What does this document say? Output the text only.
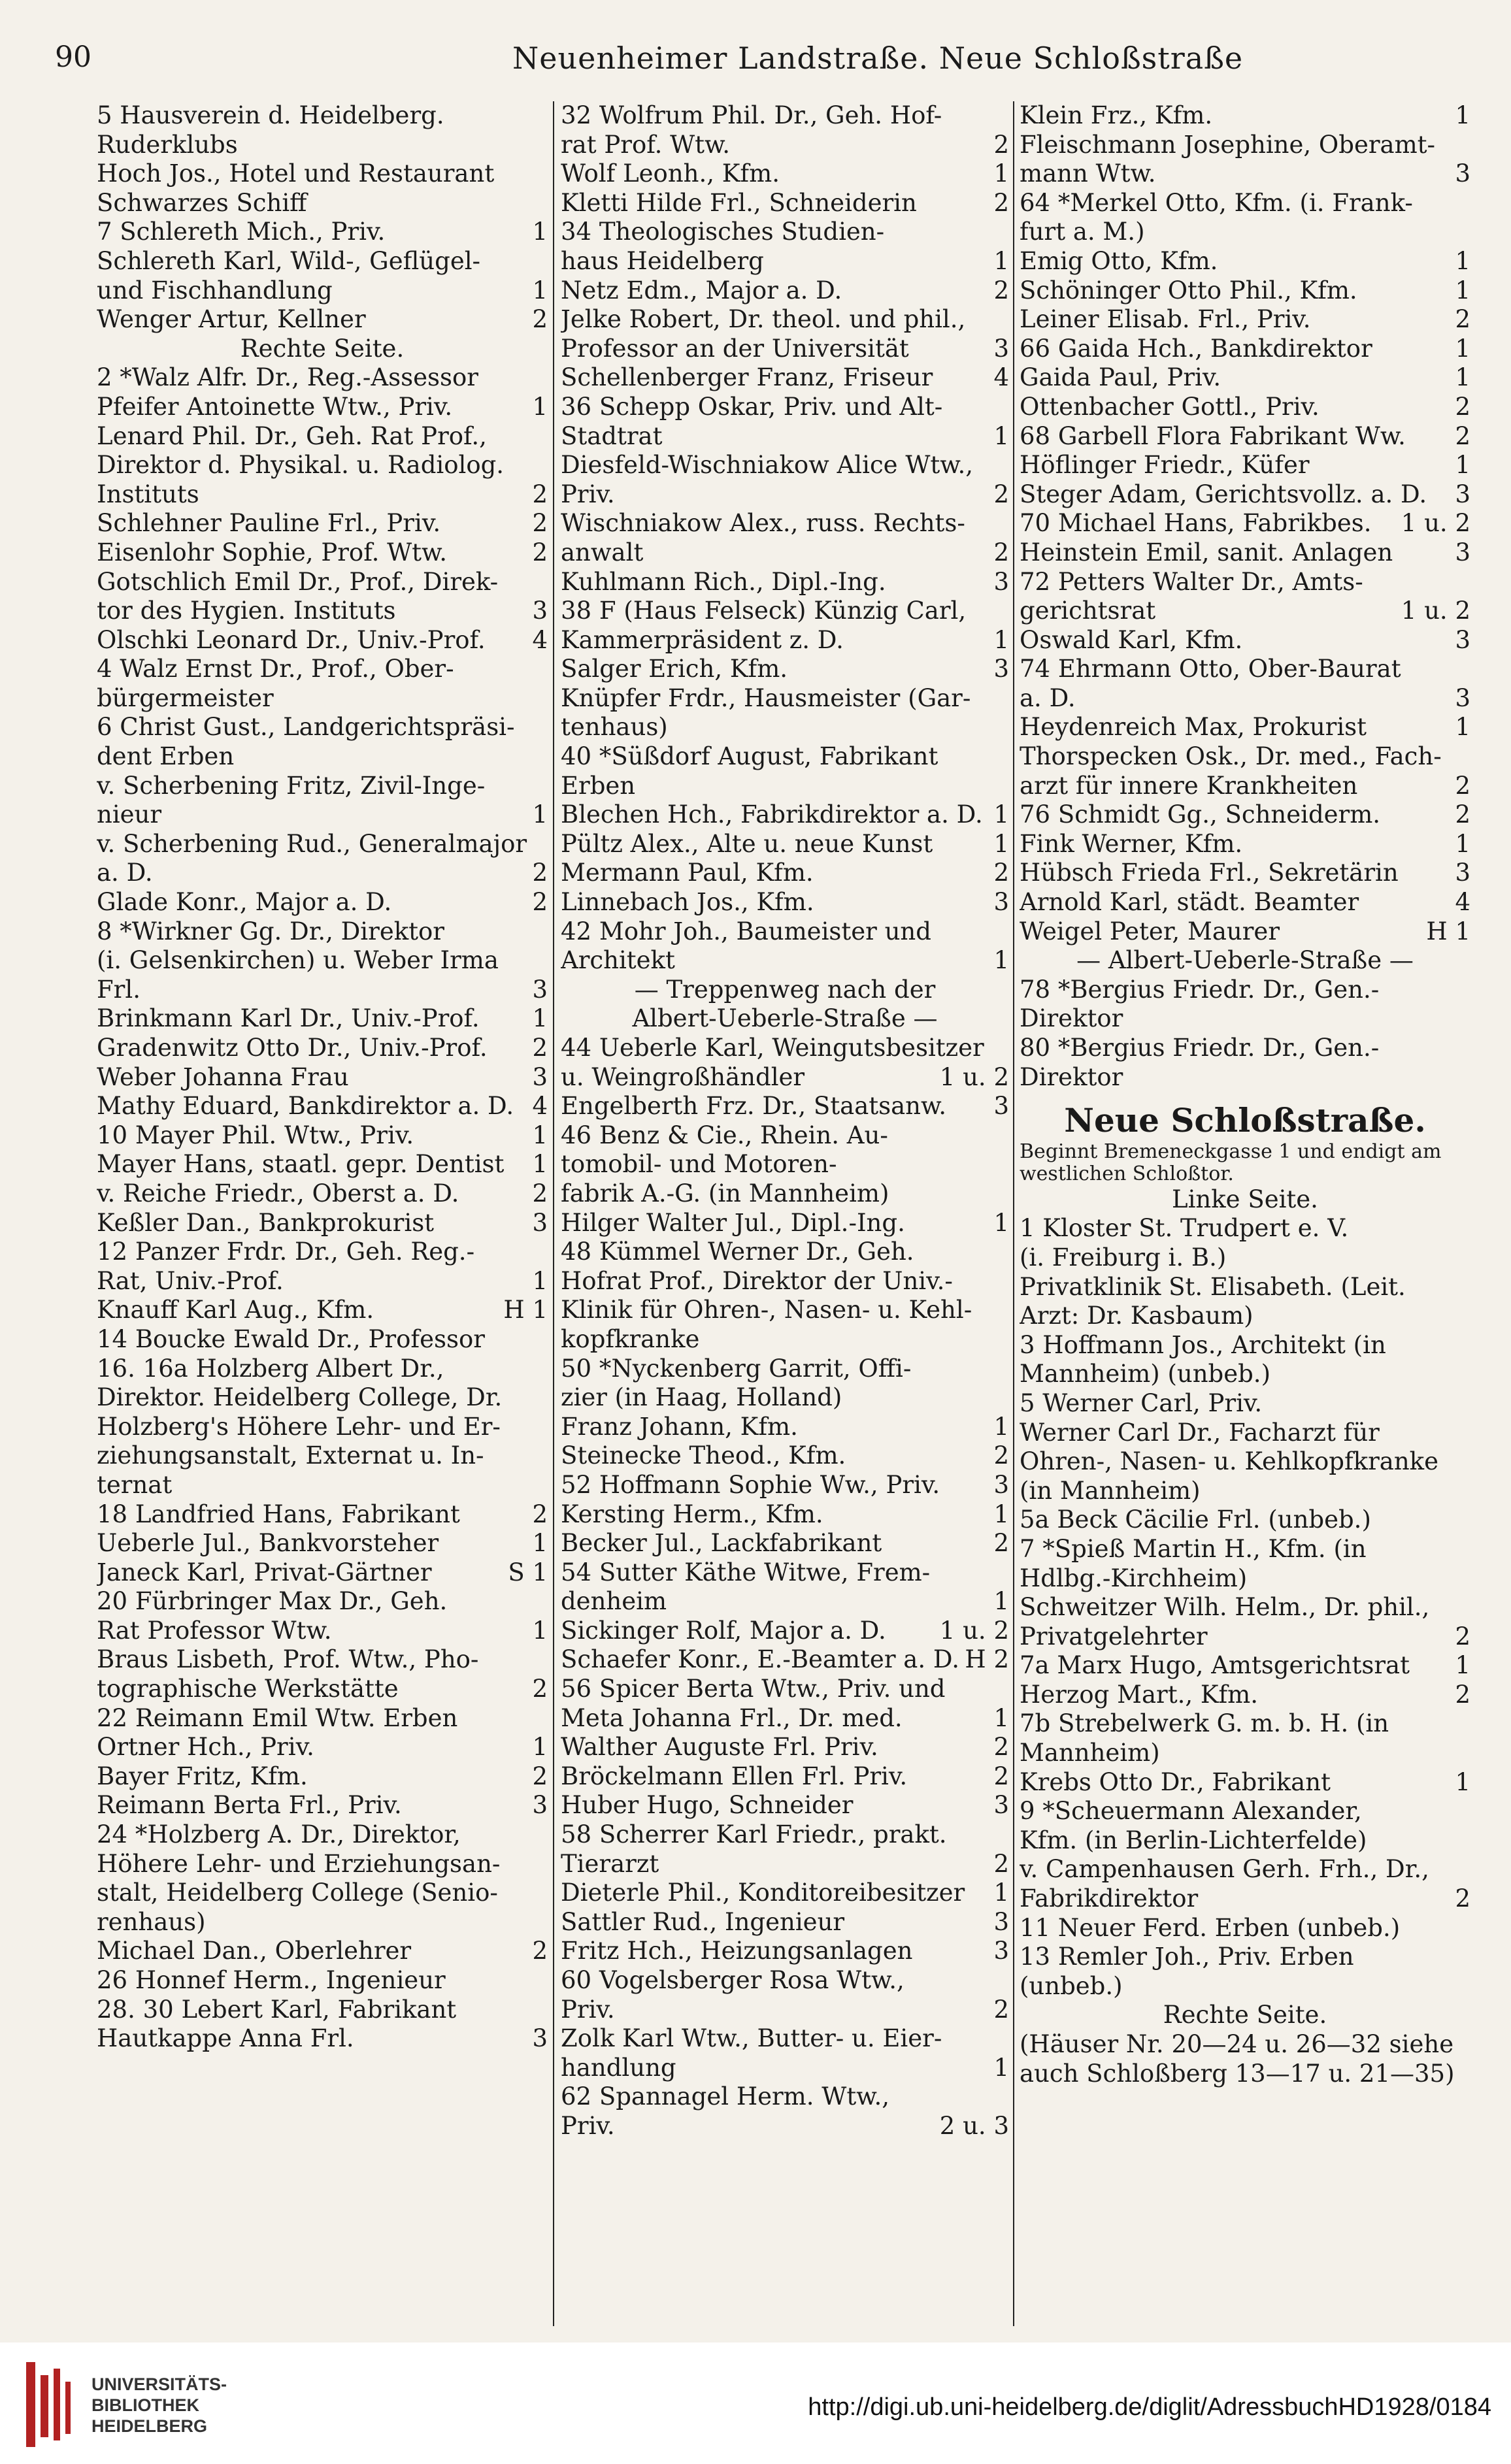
90	Neuenheimer Landstraße. Neue Schloßstraße
5 Hausverein d. Heidelberg.
Ruderklubs
Hoch Jos., Hotel und Restaurant
Schwarzes Schiff
7 Schlereth Mich., Priv.	1
Schlereth Karl, Wild-, Geflügel-
und Fischhandlung	1
Wenger Artur, Kellner	2
Rechte Seite.
2 *Walz Alfr. Dr., Reg.-Assessor
Pfeifer Antoinette Wtw., Priv.	1
Lenard Phil. Dr., Geh. Rat Prof.,
Direktor d. Physikal. u. Radiolog.
Instituts	2
Schlehner Pauline Frl., Priv.	2
Eisenlohr Sophie, Prof. Wtw.	2
Gotschlich Emil Dr., Prof., Direk-
tor des Hygien. Instituts	3
Olschki Leonard Dr., Univ.-Prof. 4
4 Walz Ernst Dr., Prof., Ober-
bürgermeister
6 Christ Gust., Landgerichtspräsi-
dent Erben
v. Scherbening Fritz, Zivil-Inge-
nieur	1
v. Scherbening Rud., Generalmajor
a. D.	2
Glade Konr., Major a. D.	2
8 *Wirkner Gg. Dr., Direktor
(i. Gelsenkirchen) u. Weber Irma
Frl.	3
Brinkmann Karl Dr., Univ.-Prof. 1
Gradenwitz Otto Dr., Univ.-Prof. 2
Weber Johanna Frau	3
Mathy Eduard, Bankdirektor a. D. 4
10 Mayer Phil. Wtw., Priv.	1
Mayer Hans, staatl. gepr. Dentist 1
v. Reiche Friedr., Oberst a. D.	2
Keßler Dan., Bankprokurist	3
12 Panzer Frdr. Dr., Geh. Reg.-
Rat, Univ.-Prof.	1
Knauff Karl Aug., Kfm.	H 1
14 Boucke Ewald Dr., Professor
16. 16a Holzberg Albert Dr.,
Direktor. Heidelberg College, Dr.
Holzberg's Höhere Lehr- und Er-
ziehungsanstalt, Externat u. In-
ternat
18 Landfried Hans, Fabrikant	2
Ueberle Jul., Bankvorsteher	1
Janeck Karl, Privat-Gärtner	S 1
20 Fürbringer Max Dr., Geh.
Rat Professor Wtw.	1
Braus Lisbeth, Prof. Wtw., Pho-
tographische Werkstätte	2
22 Reimann Emil Wtw. Erben
Ortner Hch., Priv.	1
Bayer Fritz, Kfm.	2
Reimann Berta Frl., Priv.	3
24 *Holzberg A. Dr., Direktor,
Höhere Lehr- und Erziehungsan-
stalt, Heidelberg College (Senio-
renhaus)
Michael Dan., Oberlehrer	2
26 Honnef Herm., Ingenieur
28. 30 Lebert Karl, Fabrikant
Hautkappe Anna Frl.	3
32 Wolfrum Phil. Dr., Geh. Hof-
rat Prof. Wtw.	2
Wolf Leonh., Kfm.	1
Kletti Hilde Frl., Schneiderin	2
34 Theologisches Studien-
haus Heidelberg	1
Netz Edm., Major a. D.	2
Jelke Robert, Dr. theol. und phil.,
Professor an der Universität	3
Schellenberger Franz, Friseur	4
36 Schepp Oskar, Priv. und Alt-
Stadtrat	1
Diesfeld-Wischniakow Alice Wtw.,
Priv.	2
Wischniakow Alex., russ. Rechts-
anwalt	2
Kuhlmann Rich., Dipl.-Ing.	3
38 F (Haus Felseck) Künzig Carl,
Kammerpräsident z. D.	1
Salger Erich, Kfm.	3
Knüpfer Frdr., Hausmeister (Gar-
tenhaus)
40 *Süßdorf August, Fabrikant
Erben
Blechen Hch., Fabrikdirektor a. D. 1
Pültz Alex., Alte u. neue Kunst	1
Mermann Paul, Kfm.	2
Linnebach Jos., Kfm.	3
42 Mohr Joh., Baumeister und
Architekt	1
— Treppenweg nach der
Albert-Ueberle-Straße —
44 Ueberle Karl, Weingutsbesitzer
u. Weingroßhändler	1 u. 2
Engelberth Frz. Dr., Staatsanw. 3
46 Benz & Cie., Rhein. Au-
tomobil- und Motoren-
fabrik A.-G. (in Mannheim)
Hilger Walter Jul., Dipl.-Ing.	1
48 Kümmel Werner Dr., Geh.
Hofrat Prof., Direktor der Univ.-
Klinik für Ohren-, Nasen- u. Kehl-
kopfkranke
50 *Nyckenberg Garrit, Offi-
zier (in Haag, Holland)
Franz Johann, Kfm.	1
Steinecke Theod., Kfm.	2
52 Hoffmann Sophie Ww., Priv. 3
Kersting Herm., Kfm.	1
Becker Jul., Lackfabrikant	2
54 Sutter Käthe Witwe, Frem-
denheim	1
Sickinger Rolf, Major a. D. 1 u. 2
Schaefer Konr., E.-Beamter a. D. H 2
56 Spicer Berta Wtw., Priv. und
Meta Johanna Frl., Dr. med.	1
Walther Auguste Frl. Priv.	2
Bröckelmann Ellen Frl. Priv.	2
Huber Hugo, Schneider	3
58 Scherrer Karl Friedr., prakt.
Tierarzt	2
Dieterle Phil., Konditoreibesitzer 1
Sattler Rud., Ingenieur	3
Fritz Hch., Heizungsanlagen	3
60 Vogelsberger Rosa Wtw.,
Priv.	2
Zolk Karl Wtw., Butter- u. Eier-
handlung	1
62 Spannagel Herm. Wtw.,
Priv.	2 u. 3
Klein Frz., Kfm.	1
Fleischmann Josephine, Oberamt-
mann Wtw.	3
64 *Merkel Otto, Kfm. (i. Frank-
furt a. M.)
Emig Otto, Kfm.	1
Schöninger Otto Phil., Kfm.	1
Leiner Elisab. Frl., Priv.	2
66 Gaida Hch., Bankdirektor	1
Gaida Paul, Priv.	1
Ottenbacher Gottl., Priv.	2
68 Garbell Flora Fabrikant Ww. 2
Höflinger Friedr., Küfer	1
Steger Adam, Gerichtsvollz. a. D. 3
70 Michael Hans, Fabrikbes. 1 u. 2
Heinstein Emil, sanit. Anlagen	3
72 Petters Walter Dr., Amts-
gerichtsrat	1 u. 2
Oswald Karl, Kfm.	3
74 Ehrmann Otto, Ober-Baurat
a. D.	3
Heydenreich Max, Prokurist	1
Thorspecken Osk., Dr. med., Fach-
arzt für innere Krankheiten	2
76 Schmidt Gg., Schneiderm.	2
Fink Werner, Kfm.	1
Hübsch Frieda Frl., Sekretärin 3
Arnold Karl, städt. Beamter	4
Weigel Peter, Maurer	H 1
— Albert-Ueberle-Straße —
78 *Bergius Friedr. Dr., Gen.-
Direktor
80 *Bergius Friedr. Dr., Gen.-
Direktor
Neue Schloßstraße.
Beginnt Bremeneckgasse 1 und endigt am
westlichen Schloßtor.
Linke Seite.
1 Kloster St. Trudpert e. V.
(i. Freiburg i. B.)
Privatklinik St. Elisabeth. (Leit.
Arzt: Dr. Kasbaum)
3 Hoffmann Jos., Architekt (in
Mannheim) (unbeb.)
5 Werner Carl, Priv.
Werner Carl Dr., Facharzt für
Ohren-, Nasen- u. Kehlkopfkranke
(in Mannheim)
5a Beck Cäcilie Frl. (unbeb.)
7 *Spieß Martin H., Kfm. (in
Hdlbg.-Kirchheim)
Schweitzer Wilh. Helm., Dr. phil.,
Privatgelehrter	2
7a Marx Hugo, Amtsgerichtsrat 1
Herzog Mart., Kfm.	2
7b Strebelwerk G. m. b. H. (in
Mannheim)
Krebs Otto Dr., Fabrikant	1
9 *Scheuermann Alexander,
Kfm. (in Berlin-Lichterfelde)
v. Campenhausen Gerh. Frh., Dr.,
Fabrikdirektor	2
11 Neuer Ferd. Erben (unbeb.)
13 Remler Joh., Priv. Erben
(unbeb.)
Rechte Seite.
(Häuser Nr. 20—24 u. 26—32 siehe
auch Schloßberg 13—17 u. 21—35)
UNIVERSITÄTS-
BIBLIOTHEK
HEIDELBERG
http://digi.ub.uni-heidelberg.de/diglit/AdressbuchHD1928/0184
